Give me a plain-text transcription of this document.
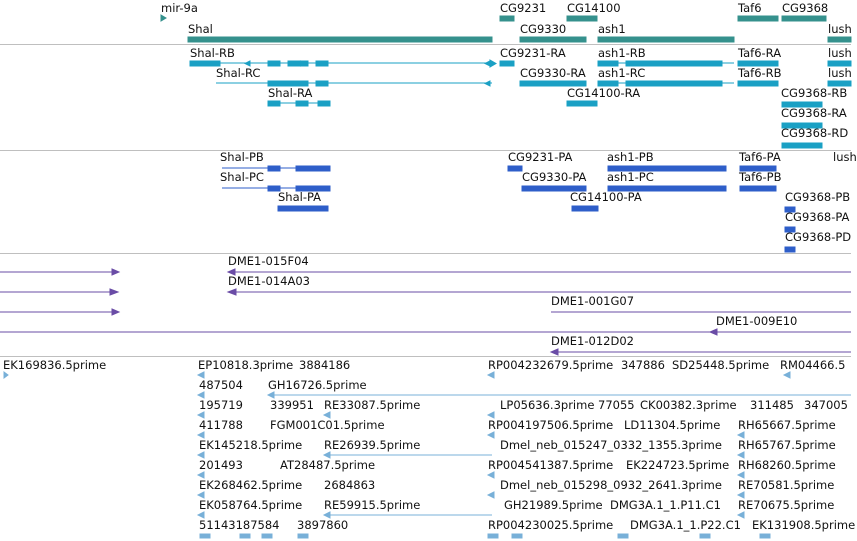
mir-9a	CG9231 CG14100	Taf6 CG9368
Shal	CG9330	ash1	lush
Shal-RB	CG9231-RA	ash1-RB	Taf6-RA	lush
Shal-RC	CG9330-RA ash1-RC	Taf6-RB	lush
Shal-RA	CG14100-RA	CG9368-RB
CG9368-RA
CG9368-RD
Shal-PB	CG9231-PA	ash1-PB	Taf6-PA	lush
Shal-PC	CG9330-PA ash1-PC	Taf6-PB
Shal-PA	CG14100-PA	CG9368-PB
CG9368-PA
CG9368-PD
DME1-015F04
DME1-014A03
DME1-001G07
DME1-009E10
DME1-012D02
EK169836.5prime	EP10818.3prime 3884186	RP004232679.5prime 347886 SD25448.5prime RM04466.5
487504 GH16726.5prime
195719 339951 RE33087.5prime	LP05636.3prime 77055 CK00382.3prime 311485 347005
411788 FGM001C01.5prime	RP004197506.5prime LD11304.5prime RH65667.5prime
EK145218.5prime RE26939.5prime	Dmel_neb_015247_0332_1355.3prime RH65767.5prime
201493	AT28487.5prime	RP004541387.5prime EK224723.5prime RH68260.5prime
EK268462.5prime 2684863	Dmel_neb_015298_0932_2641.3prime RE70581.5prime
EK058764.5prime RE59915.5prime	GH21989.5prime DMG3A.1_1.P11.C1 RE70675.5prime
51143187584 3897860	RP004230025.5prime DMG3A.1_1.P22.C1 EK131908.5prime
